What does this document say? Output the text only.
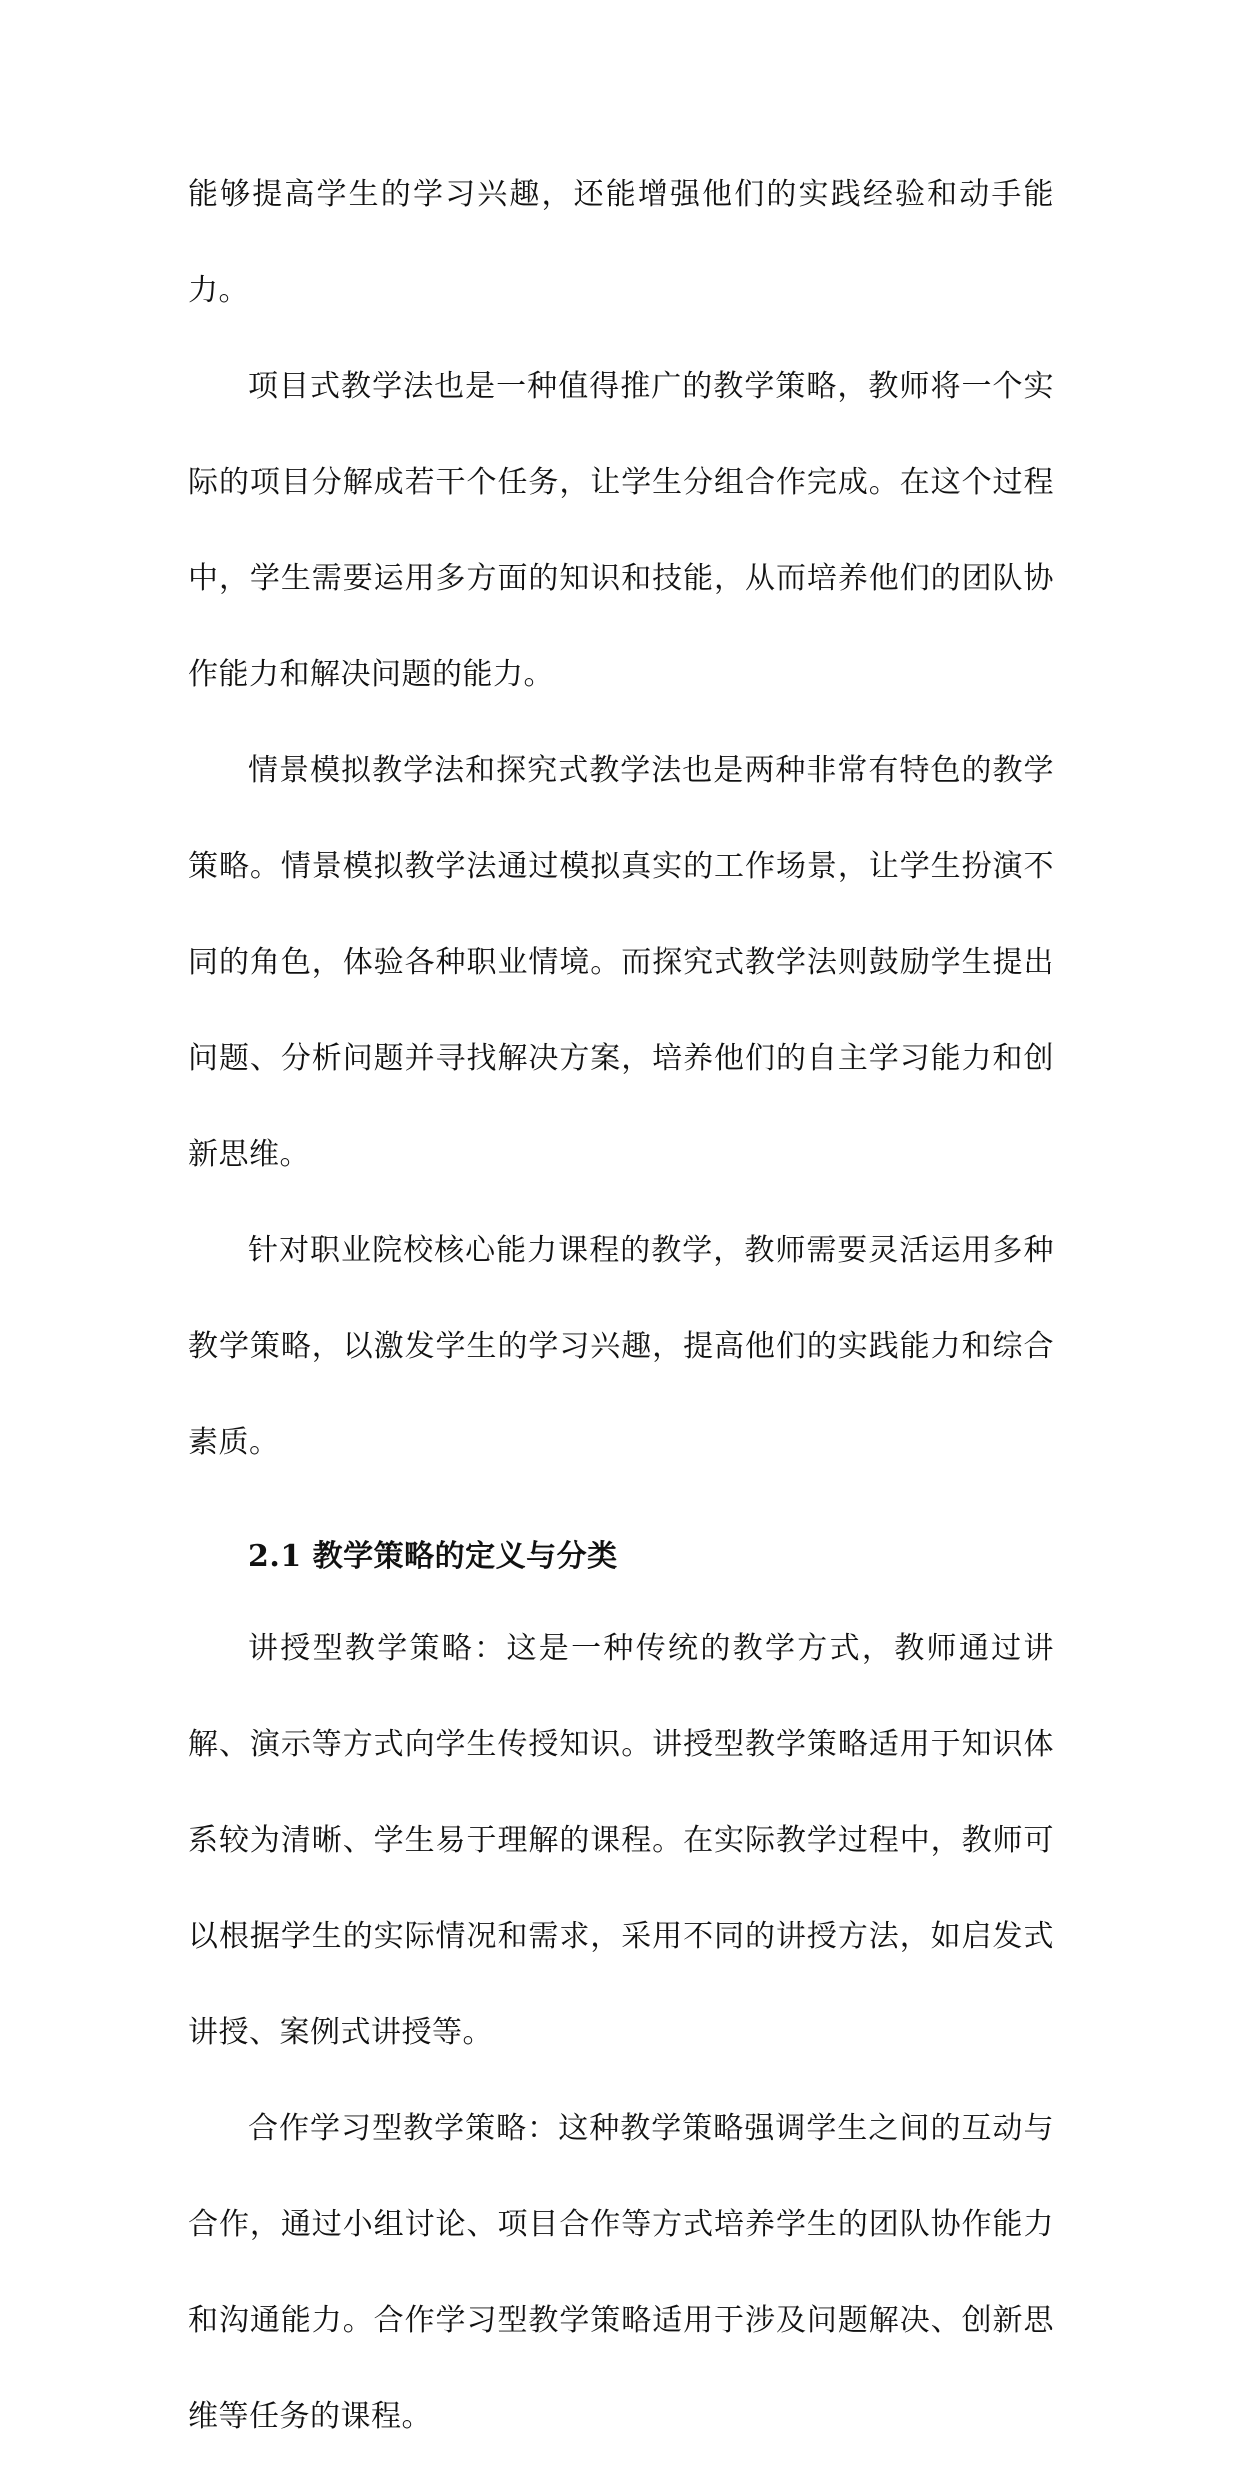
能够提高学生的学习兴趣，还能增强他们的实践经验和动手能力。

项目式教学法也是一种值得推广的教学策略，教师将一个实际的项目分解成若干个任务，让学生分组合作完成。在这个过程中，学生需要运用多方面的知识和技能，从而培养他们的团队协作能力和解决问题的能力。

情景模拟教学法和探究式教学法也是两种非常有特色的教学策略。情景模拟教学法通过模拟真实的工作场景，让学生扮演不同的角色，体验各种职业情境。而探究式教学法则鼓励学生提出问题、分析问题并寻找解决方案，培养他们的自主学习能力和创新思维。

针对职业院校核心能力课程的教学，教师需要灵活运用多种教学策略，以激发学生的学习兴趣，提高他们的实践能力和综合素质。

2.1 教学策略的定义与分类

讲授型教学策略：这是一种传统的教学方式，教师通过讲解、演示等方式向学生传授知识。讲授型教学策略适用于知识体系较为清晰、学生易于理解的课程。在实际教学过程中，教师可以根据学生的实际情况和需求，采用不同的讲授方法，如启发式讲授、案例式讲授等。

合作学习型教学策略：这种教学策略强调学生之间的互动与合作，通过小组讨论、项目合作等方式培养学生的团队协作能力和沟通能力。合作学习型教学策略适用于涉及问题解决、创新思维等任务的课程。
